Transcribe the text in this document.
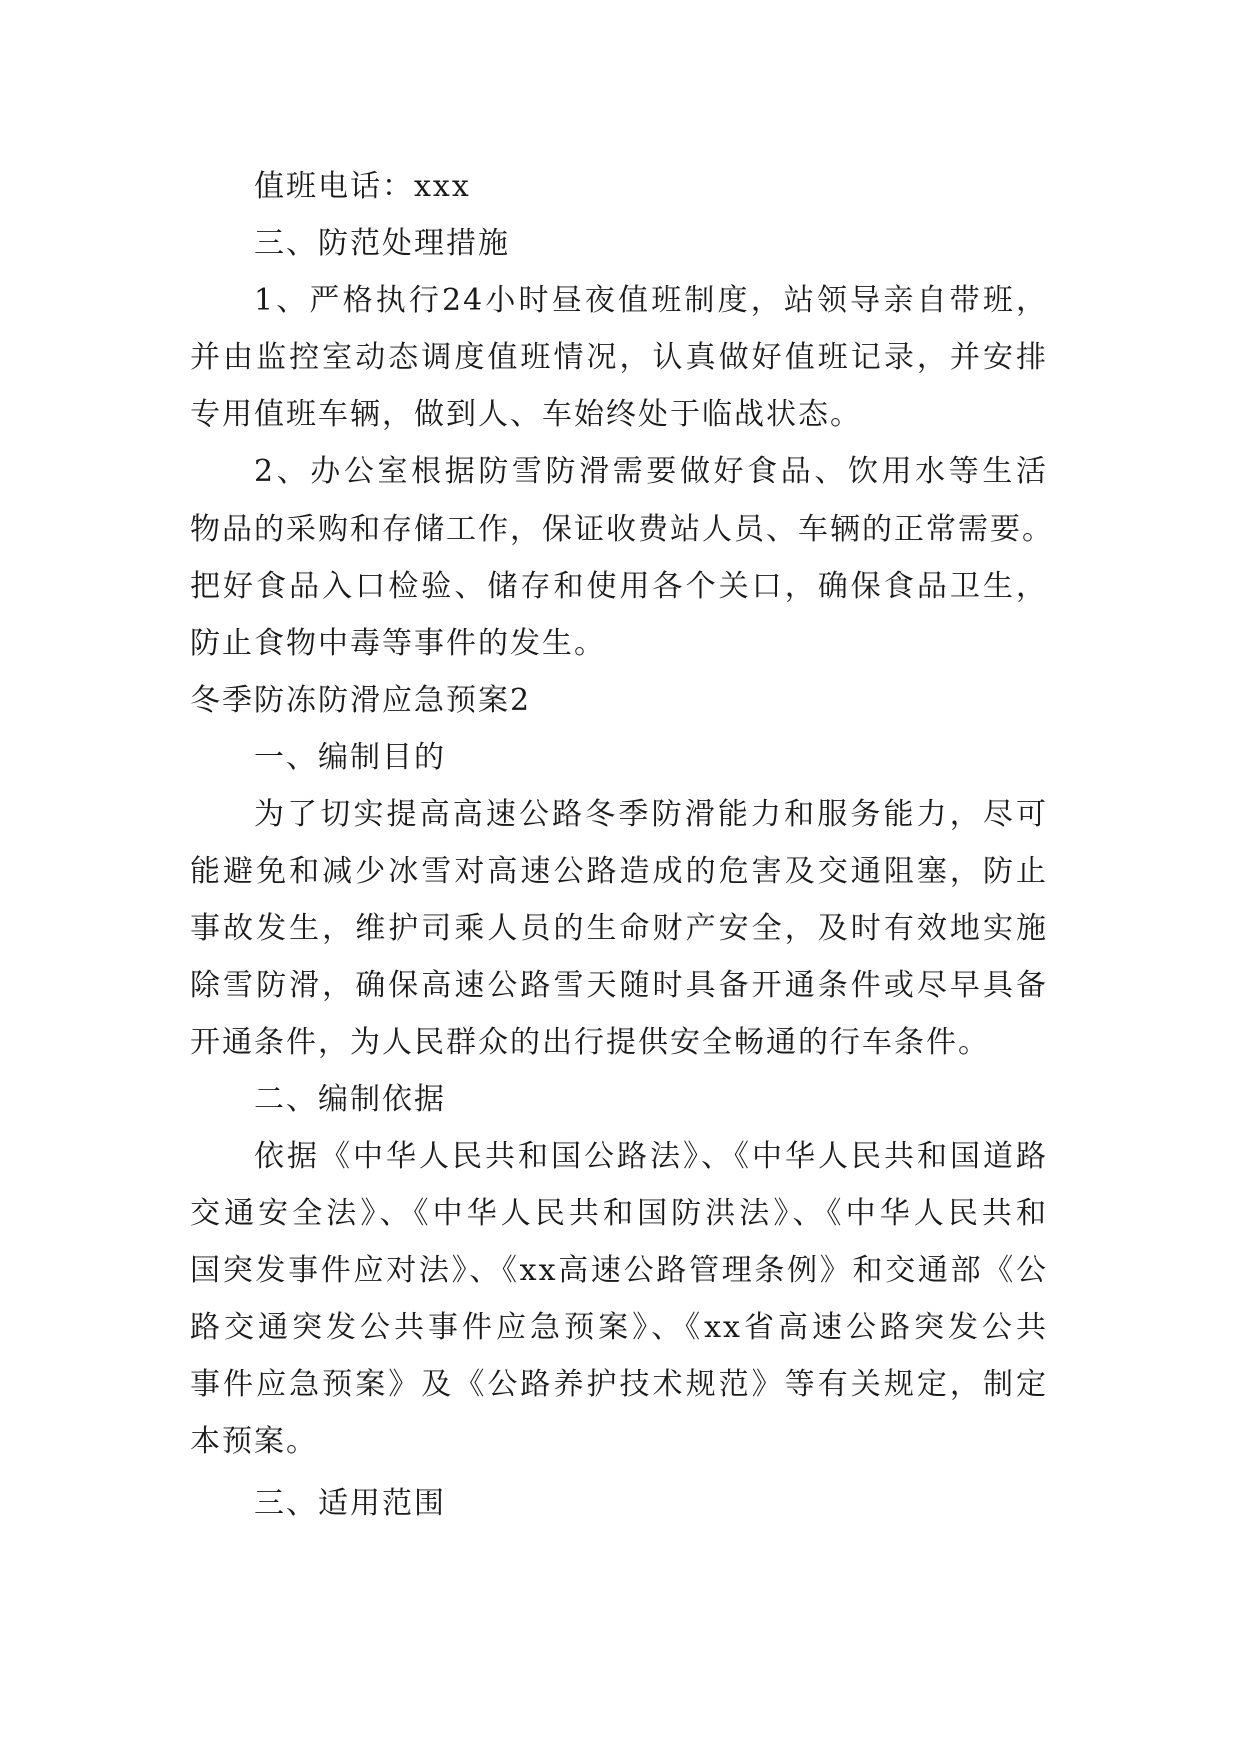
值班电话：xxx
三、防范处理措施
1、严格执行24小时昼夜值班制度，站领导亲自带班，
并由监控室动态调度值班情况，认真做好值班记录，并安排
专用值班车辆，做到人、车始终处于临战状态。
2、办公室根据防雪防滑需要做好食品、饮用水等生活
物品的采购和存储工作，保证收费站人员、车辆的正常需要。
把好食品入口检验、储存和使用各个关口，确保食品卫生，
防止食物中毒等事件的发生。
冬季防冻防滑应急预案2
一、编制目的
为了切实提高高速公路冬季防滑能力和服务能力，尽可
能避免和减少冰雪对高速公路造成的危害及交通阻塞，防止
事故发生，维护司乘人员的生命财产安全，及时有效地实施
除雪防滑，确保高速公路雪天随时具备开通条件或尽早具备
开通条件，为人民群众的出行提供安全畅通的行车条件。
二、编制依据
依据《中华人民共和国公路法》、《中华人民共和国道路
交通安全法》、《中华人民共和国防洪法》、《中华人民共和
国突发事件应对法》、《xx高速公路管理条例》和交通部《公
路交通突发公共事件应急预案》、《xx省高速公路突发公共
事件应急预案》及《公路养护技术规范》等有关规定，制定
本预案。
三、适用范围
